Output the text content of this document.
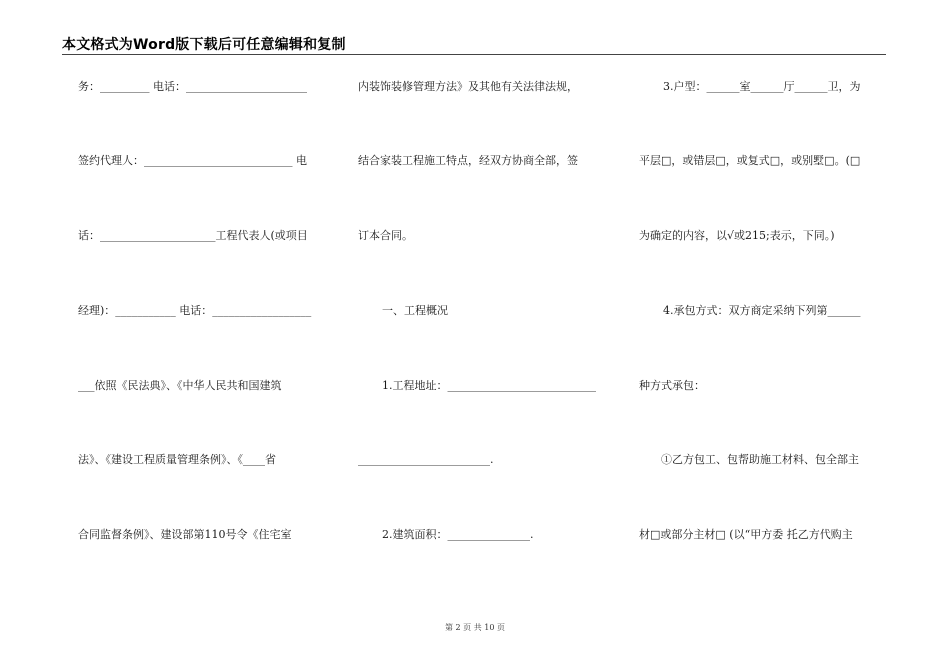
本文格式为Word版下载后可任意编辑和复制
务：_________ 电话：______________________
签约代理人：___________________________ 电
话：_____________________工程代表人(或项目
经理)：___________ 电话：__________________
___依照《民法典》、《中华人民共和国建筑
法》、《建设工程质量管理条例》、《____省
合同监督条例》、建设部第110号令《住宅室
内装饰装修管理方法》及其他有关法律法规，
结合家装工程施工特点，经双方协商全部，签
订本合同。
一、工程概况
1.工程地址：___________________________
________________________.
2.建筑面积：_______________.
3.户型：______室______厅______卫，为
平层□，或错层□，或复式□，或别墅□。(□
为确定的内容，以√或215;表示，下同。)
4.承包方式：双方商定采纳下列第______
种方式承包：
①乙方包工、包帮助施工材料、包全部主
材□或部分主材□ (以“甲方委 托乙方代购主
第 2 页 共 10 页
